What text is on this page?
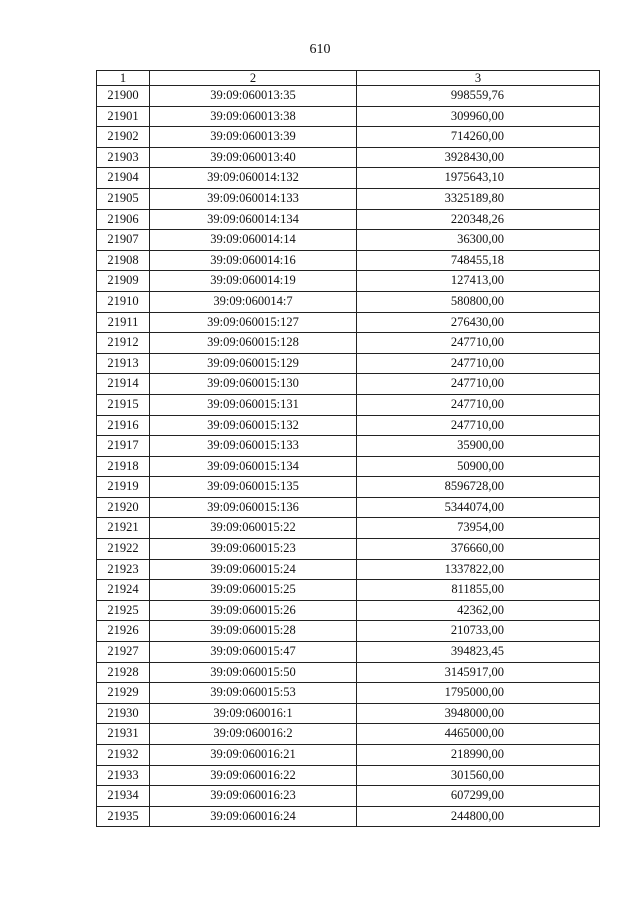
610
1	2	3
21900	39:09:060013:35	998559,76
21901	39:09:060013:38	309960,00
21902	39:09:060013:39	714260,00
21903	39:09:060013:40	3928430,00
21904	39:09:060014:132	1975643,10
21905	39:09:060014:133	3325189,80
21906	39:09:060014:134	220348,26
21907	39:09:060014:14	36300,00
21908	39:09:060014:16	748455,18
21909	39:09:060014:19	127413,00
21910	39:09:060014:7	580800,00
21911	39:09:060015:127	276430,00
21912	39:09:060015:128	247710,00
21913	39:09:060015:129	247710,00
21914	39:09:060015:130	247710,00
21915	39:09:060015:131	247710,00
21916	39:09:060015:132	247710,00
21917	39:09:060015:133	35900,00
21918	39:09:060015:134	50900,00
21919	39:09:060015:135	8596728,00
21920	39:09:060015:136	5344074,00
21921	39:09:060015:22	73954,00
21922	39:09:060015:23	376660,00
21923	39:09:060015:24	1337822,00
21924	39:09:060015:25	811855,00
21925	39:09:060015:26	42362,00
21926	39:09:060015:28	210733,00
21927	39:09:060015:47	394823,45
21928	39:09:060015:50	3145917,00
21929	39:09:060015:53	1795000,00
21930	39:09:060016:1	3948000,00
21931	39:09:060016:2	4465000,00
21932	39:09:060016:21	218990,00
21933	39:09:060016:22	301560,00
21934	39:09:060016:23	607299,00
21935	39:09:060016:24	244800,00
